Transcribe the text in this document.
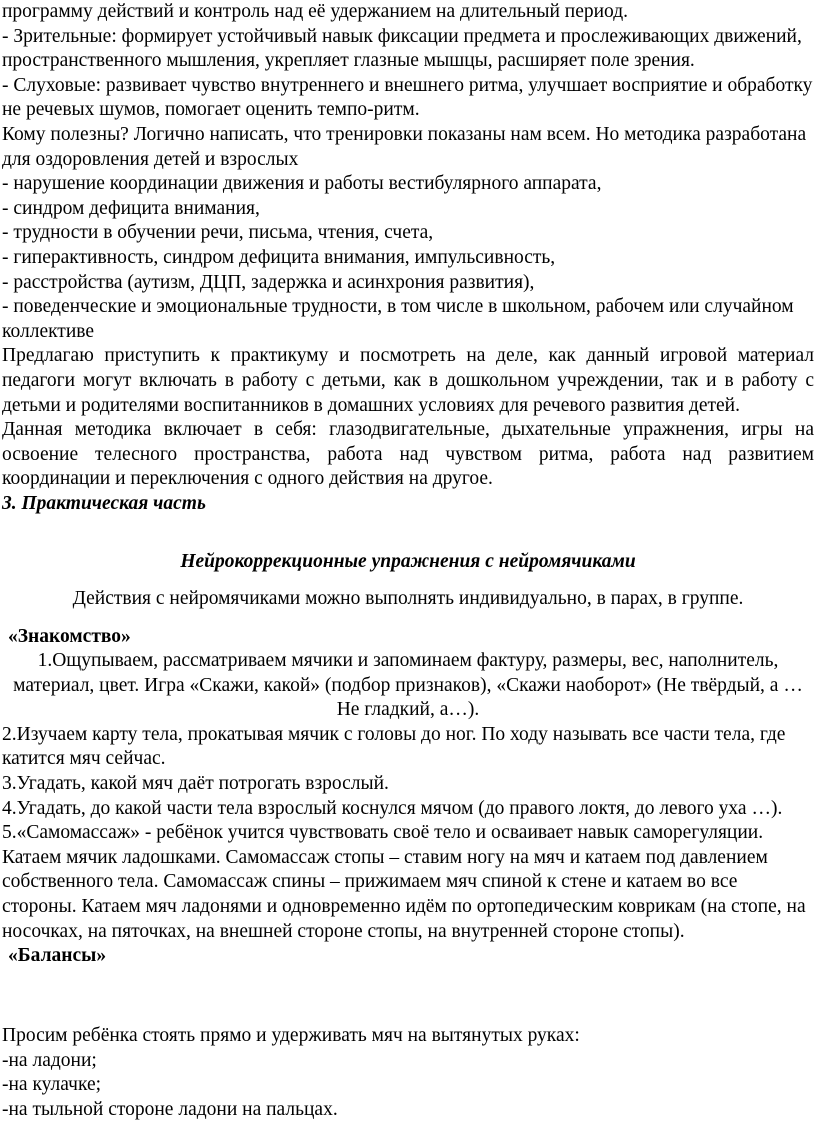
программу действий и контроль над её удержанием на длительный период.

- Зрительные: формирует устойчивый навык фиксации предмета и прослеживающих движений, пространственного мышления, укрепляет глазные мышцы, расширяет поле зрения.

- Слуховые: развивает чувство внутреннего и внешнего ритма, улучшает восприятие и обработку не речевых шумов, помогает оценить темпо-ритм.

Кому полезны? Логично написать, что тренировки показаны нам всем. Но методика разработана для оздоровления детей и взрослых

- нарушение координации движения и работы вестибулярного аппарата,

- синдром дефицита внимания,

- трудности в обучении речи, письма, чтения, счета,

- гиперактивность, синдром дефицита внимания, импульсивность,

- расстройства (аутизм, ДЦП, задержка и асинхрония развития),

- поведенческие и эмоциональные трудности, в том числе в школьном, рабочем или случайном коллективе

Предлагаю приступить к практикуму и посмотреть на деле, как данный игровой материал педагоги могут включать в работу с детьми, как в дошкольном учреждении, так и в работу с детьми и родителями воспитанников в домашних условиях для речевого развития детей.

Данная методика включает в себя: глазодвигательные, дыхательные упражнения, игры на освоение телесного пространства, работа над чувством ритма, работа над развитием координации и переключения с одного действия на другое.

3. Практическая часть

Нейрокоррекционные упражнения с нейромячиками

Действия с нейромячиками можно выполнять индивидуально, в парах, в группе.

«Знакомство»

1.Ощупываем, рассматриваем мячики и запоминаем фактуру, размеры, вес, наполнитель, материал, цвет. Игра «Скажи, какой» (подбор признаков), «Скажи наоборот» (Не твёрдый, а … Не гладкий, а…).

2.Изучаем карту тела, прокатывая мячик с головы до ног. По ходу называть все части тела, где катится мяч сейчас.

3.Угадать, какой мяч даёт потрогать взрослый.

4.Угадать, до какой части тела взрослый коснулся мячом (до правого локтя, до левого уха …).

5.«Самомассаж» - ребёнок учится чувствовать своё тело и осваивает навык саморегуляции. Катаем мячик ладошками. Самомассаж стопы – ставим ногу на мяч и катаем под давлением собственного тела. Самомассаж спины – прижимаем мяч спиной к стене и катаем во все стороны. Катаем мяч ладонями и одновременно идём по ортопедическим коврикам (на стопе, на носочках, на пяточках, на внешней стороне стопы, на внутренней стороне стопы).

«Балансы»

Просим ребёнка стоять прямо и удерживать мяч на вытянутых руках:

-на ладони;

-на кулачке;

-на тыльной стороне ладони на пальцах.
